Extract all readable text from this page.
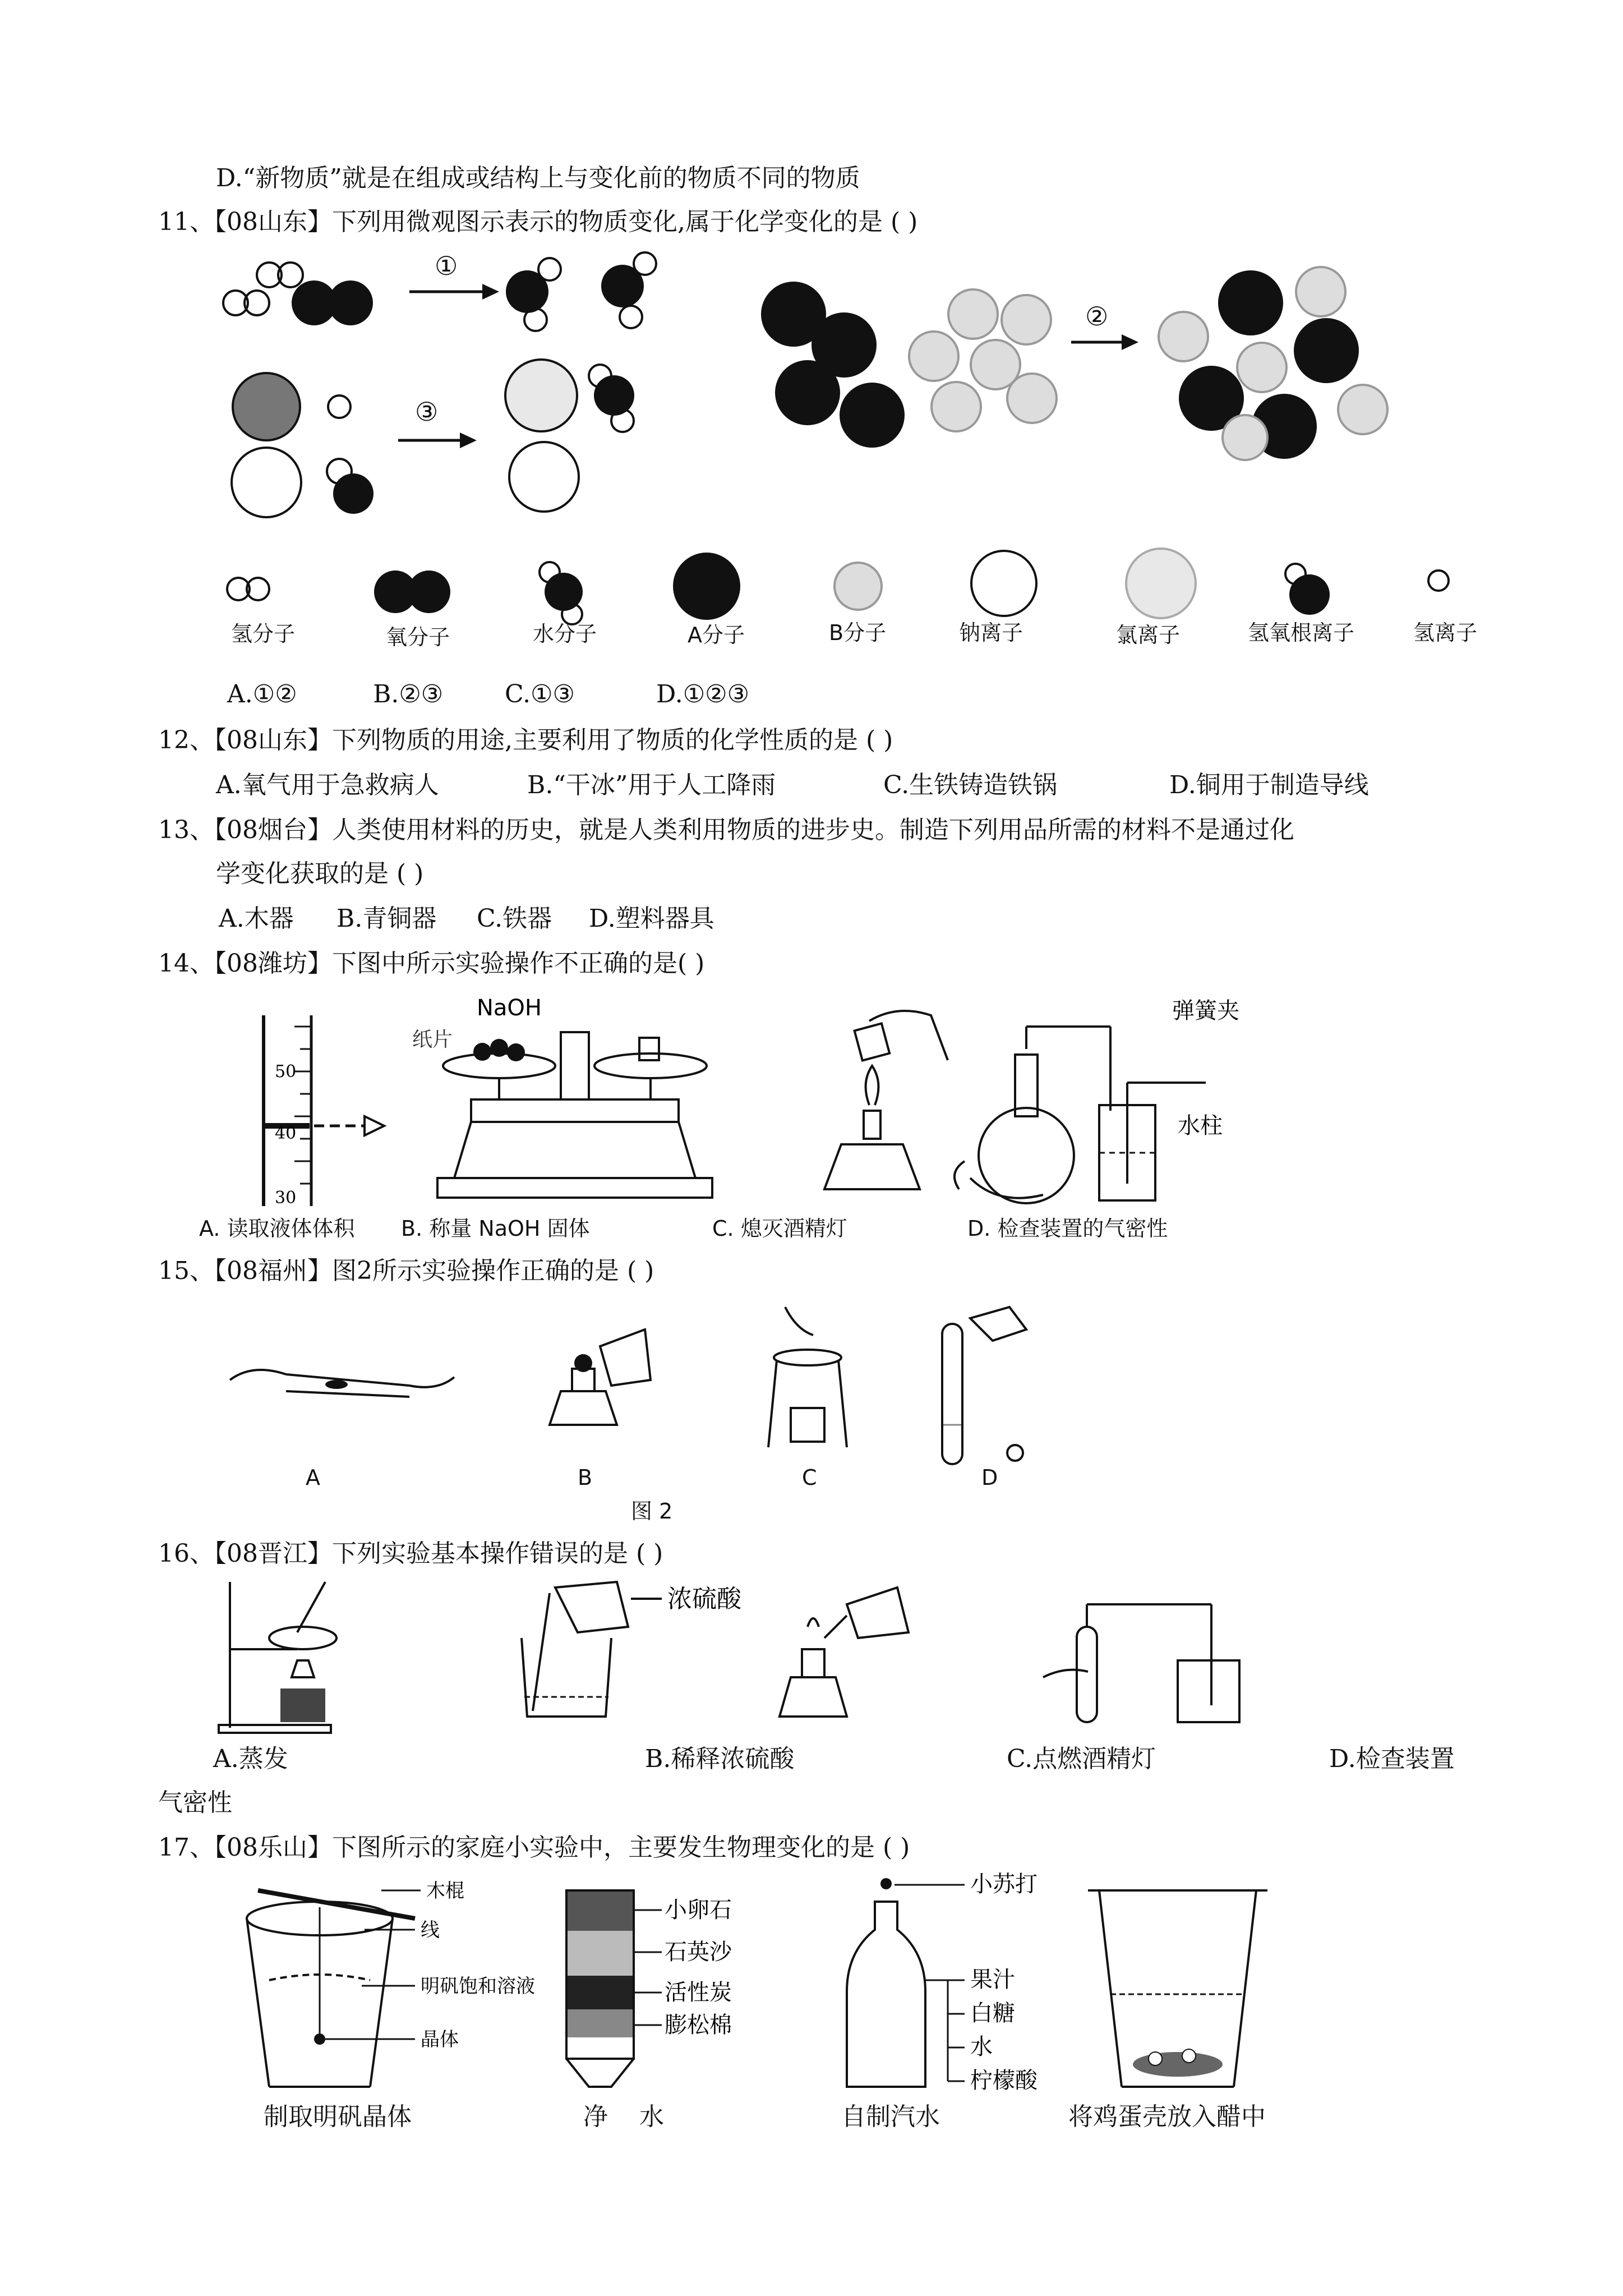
D.“新物质”就是在组成或结构上与变化前的物质不同的物质
11、【08山东】下列用微观图示表示的物质变化,属于化学变化的是 ( )
①
②
③
氢分子	氧分子	水分子	A分子	B分子	钠离子	氯离子	氢氧根离子	氢离子
A.①②	B.②③ C.①③	D.①②③
12、【08山东】下列物质的用途,主要利用了物质的化学性质的是 ( )
A.氧气用于急救病人	B.“干冰”用于人工降雨	C.生铁铸造铁锅	D.铜用于制造导线
13、【08烟台】人类使用材料的历史，就是人类利用物质的进步史。制造下列用品所需的材料不是通过化
学变化获取的是 ( )
A.木器 B.青铜器 C.铁器 D.塑料器具
14、【08潍坊】下图中所示实验操作不正确的是( )
50
40
30
NaOH
纸片
弹簧夹
水柱
A. 读取液体体积 B. 称量 NaOH 固体	C. 熄灭酒精灯	D. 检查装置的气密性
15、【08福州】图2所示实验操作正确的是 ( )
A	B	C	D
图 2
16、【08晋江】下列实验基本操作错误的是 ( )
浓硫酸
A.蒸发	B.稀释浓硫酸	C.点燃酒精灯	D.检查装置
气密性
17、【08乐山】下图所示的家庭小实验中，主要发生物理变化的是 ( )
木棍
线
明矾饱和溶液
晶体
小卵石
石英沙
活性炭
膨松棉
小苏打
果汁
白糖
水
柠檬酸
制取明矾晶体	净    水	自制汽水	将鸡蛋壳放入醋中
